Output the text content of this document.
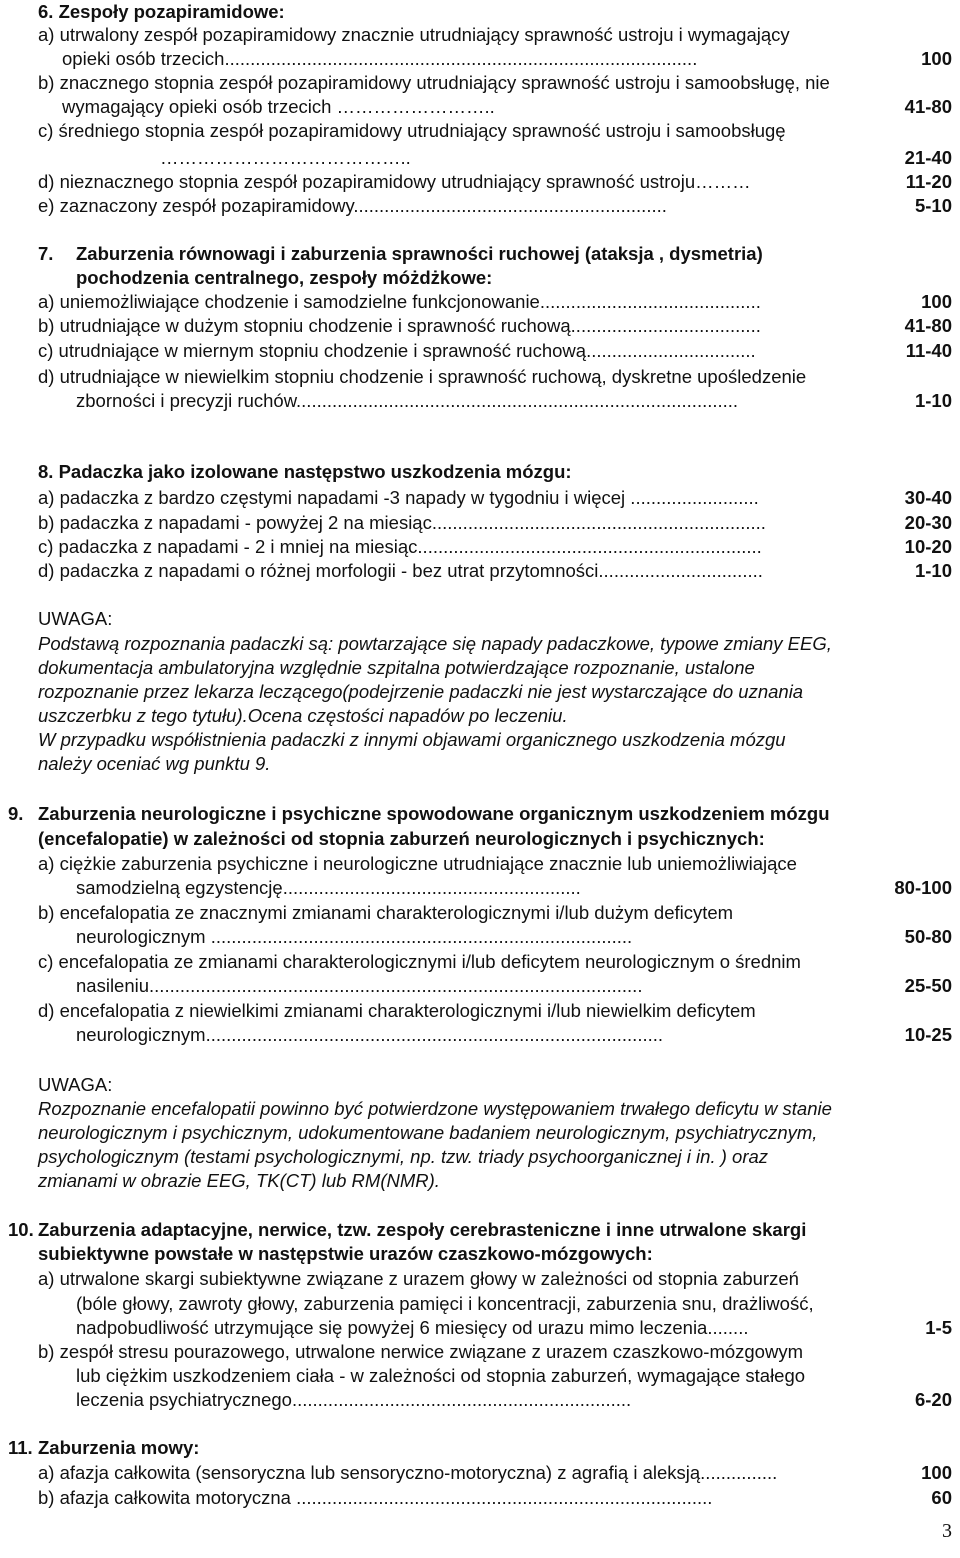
6. Zespoły pozapiramidowe:
a) utrwalony zespół pozapiramidowy znacznie utrudniający sprawność ustroju i wymagający
opieki osób trzecich............................................................................................	100
b) znacznego stopnia zespół pozapiramidowy utrudniający sprawność ustroju i samoobsługę, nie
wymagający opieki osób trzecich ……………………..	41-80
c) średniego stopnia zespół pozapiramidowy utrudniający sprawność ustroju i samoobsługę
…………………………………..	21-40
d) nieznacznego stopnia zespół pozapiramidowy utrudniający sprawność ustroju………	11-20
e) zaznaczony zespół pozapiramidowy.............................................................	5-10
7. Zaburzenia równowagi i zaburzenia sprawności ruchowej (ataksja , dysmetria)
pochodzenia centralnego, zespoły móżdżkowe:
a) uniemożliwiające chodzenie i samodzielne funkcjonowanie...........................................	100
b) utrudniające w dużym stopniu chodzenie i sprawność ruchową.....................................	41-80
c) utrudniające w miernym stopniu chodzenie i sprawność ruchową.................................	11-40
d) utrudniające w niewielkim stopniu chodzenie i sprawność ruchową, dyskretne upośledzenie
zborności i precyzji ruchów......................................................................................	1-10
8. Padaczka jako izolowane następstwo uszkodzenia mózgu:
a) padaczka z bardzo częstymi napadami -3 napady w tygodniu i więcej .........................	30-40
b) padaczka z napadami - powyżej 2 na miesiąc.................................................................	20-30
c) padaczka z napadami - 2 i mniej na miesiąc...................................................................	10-20
d) padaczka z napadami o różnej morfologii - bez utrat przytomności................................	1-10
UWAGA:
Podstawą rozpoznania padaczki są: powtarzające się napady padaczkowe, typowe zmiany EEG,
dokumentacja ambulatoryjna względnie szpitalna potwierdzające rozpoznanie, ustalone
rozpoznanie przez lekarza leczącego(podejrzenie padaczki nie jest wystarczające do uznania
uszczerbku z tego tytułu).Ocena częstości napadów po leczeniu.
W przypadku współistnienia padaczki z innymi objawami organicznego uszkodzenia mózgu
należy oceniać wg punktu 9.
9. Zaburzenia neurologiczne i psychiczne spowodowane organicznym uszkodzeniem mózgu
(encefalopatie) w zależności od stopnia zaburzeń neurologicznych i psychicznych:
a) ciężkie zaburzenia psychiczne i neurologiczne utrudniające znacznie lub uniemożliwiające
samodzielną egzystencję..........................................................	80-100
b) encefalopatia ze znacznymi zmianami charakterologicznymi i/lub dużym deficytem
neurologicznym ..................................................................................	50-80
c) encefalopatia ze zmianami charakterologicznymi i/lub deficytem neurologicznym o średnim
nasileniu................................................................................................	25-50
d) encefalopatia z niewielkimi zmianami charakterologicznymi i/lub niewielkim deficytem
neurologicznym.........................................................................................	10-25
UWAGA:
Rozpoznanie encefalopatii powinno być potwierdzone występowaniem trwałego deficytu w stanie
neurologicznym i psychicznym, udokumentowane badaniem neurologicznym, psychiatrycznym,
psychologicznym (testami psychologicznymi, np. tzw. triady psychoorganicznej i in. ) oraz
zmianami w obrazie EEG, TK(CT) lub RM(NMR).
10. Zaburzenia adaptacyjne, nerwice, tzw. zespoły cerebrasteniczne i inne utrwalone skargi
subiektywne powstałe w następstwie urazów czaszkowo-mózgowych:
a) utrwalone skargi subiektywne związane z urazem głowy w zależności od stopnia zaburzeń
(bóle głowy, zawroty głowy, zaburzenia pamięci i koncentracji, zaburzenia snu, drażliwość,
nadpobudliwość utrzymujące się powyżej 6 miesięcy od urazu mimo leczenia........	1-5
b) zespół stresu pourazowego, utrwalone nerwice związane z urazem czaszkowo-mózgowym
lub ciężkim uszkodzeniem ciała - w zależności od stopnia zaburzeń, wymagające stałego
leczenia psychiatrycznego..................................................................	6-20
11. Zaburzenia mowy:
a) afazja całkowita (sensoryczna lub sensoryczno-motoryczna) z agrafią i aleksją...............	100
b) afazja całkowita motoryczna .................................................................................	60
3
